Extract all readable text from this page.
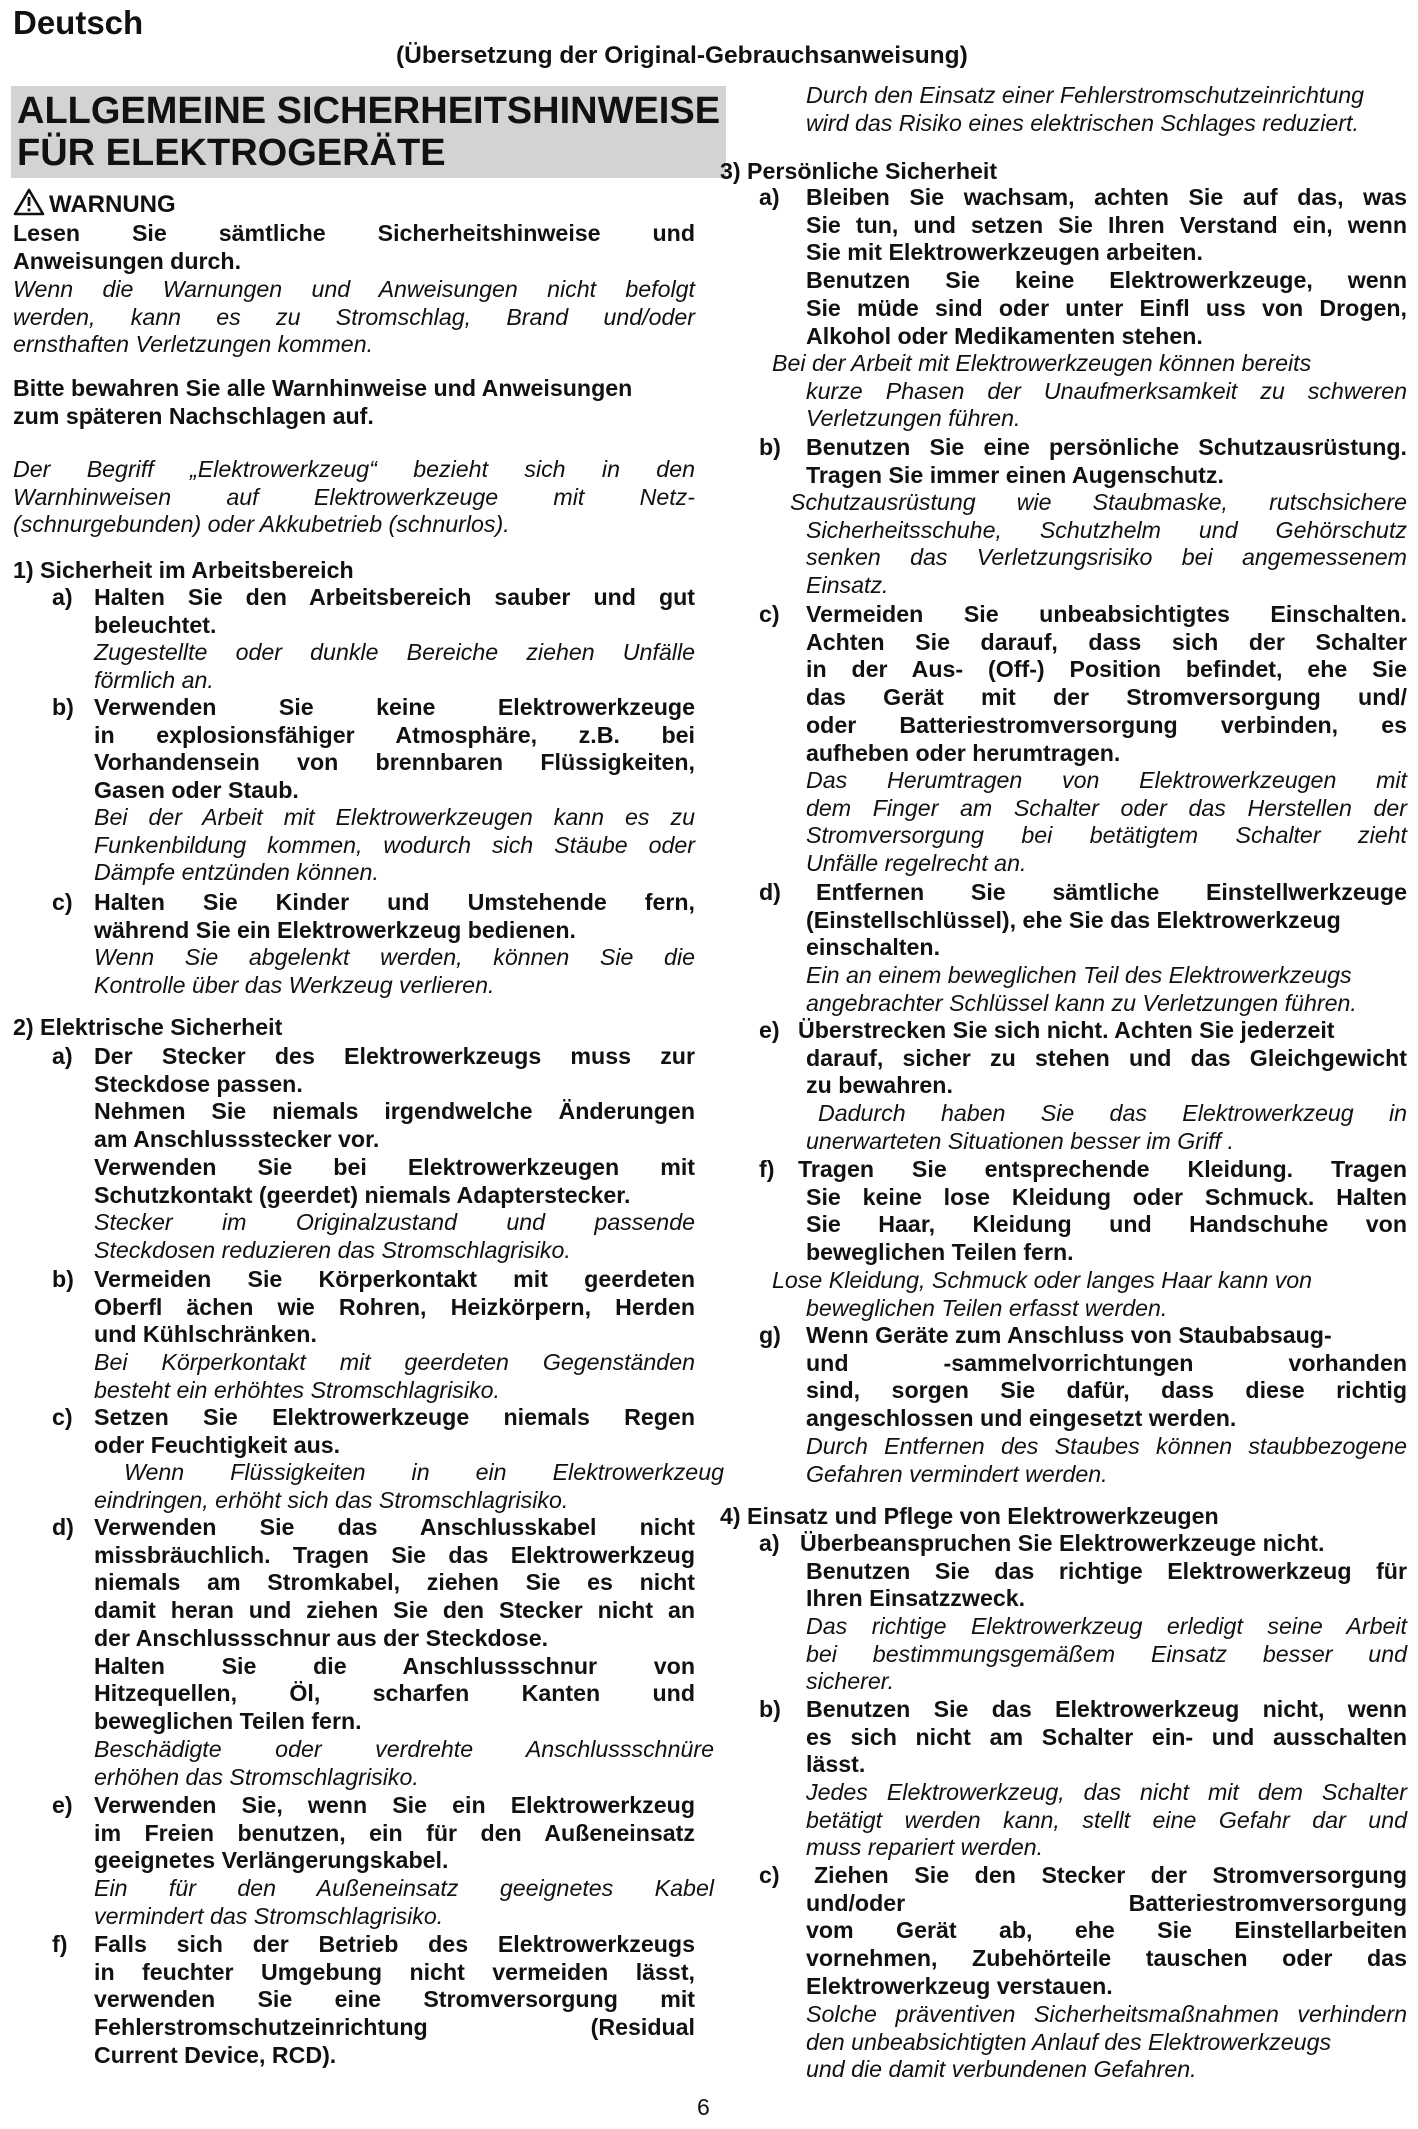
Deutsch
(Übersetzung der Original-Gebrauchsanweisung)
ALLGEMEINE SICHERHEITSHINWEISE
FÜR ELEKTROGERÄTE
WARNUNG
Lesen Sie sämtliche Sicherheitshinweise und
Anweisungen durch.
Wenn die Warnungen und Anweisungen nicht befolgt
werden, kann es zu Stromschlag, Brand und/oder
ernsthaften Verletzungen kommen.
Bitte bewahren Sie alle Warnhinweise und Anweisungen
zum späteren Nachschlagen auf.
Der Begriff „Elektrowerkzeug“ bezieht sich in den
Warnhinweisen auf Elektrowerkzeuge mit Netz-
(schnurgebunden) oder Akkubetrieb (schnurlos).
1) Sicherheit im Arbeitsbereich
a) Halten Sie den Arbeitsbereich sauber und gut
beleuchtet.
Zugestellte oder dunkle Bereiche ziehen Unfälle
förmlich an.
b) Verwenden Sie keine Elektrowerkzeuge
in explosionsfähiger Atmosphäre, z.B. bei
Vorhandensein von brennbaren Flüssigkeiten,
Gasen oder Staub.
Bei der Arbeit mit Elektrowerkzeugen kann es zu
Funkenbildung kommen, wodurch sich Stäube oder
Dämpfe entzünden können.
c) Halten Sie Kinder und Umstehende fern,
während Sie ein Elektrowerkzeug bedienen.
Wenn Sie abgelenkt werden, können Sie die
Kontrolle über das Werkzeug verlieren.
2) Elektrische Sicherheit
a) Der Stecker des Elektrowerkzeugs muss zur
Steckdose passen.
Nehmen Sie niemals irgendwelche Änderungen
am Anschlussstecker vor.
Verwenden Sie bei Elektrowerkzeugen mit
Schutzkontakt (geerdet) niemals Adapterstecker.
Stecker im Originalzustand und passende
Steckdosen reduzieren das Stromschlagrisiko.
b) Vermeiden Sie Körperkontakt mit geerdeten
Oberfl ächen wie Rohren, Heizkörpern, Herden
und Kühlschränken.
Bei Körperkontakt mit geerdeten Gegenständen
besteht ein erhöhtes Stromschlagrisiko.
c) Setzen Sie Elektrowerkzeuge niemals Regen
oder Feuchtigkeit aus.
Wenn Flüssigkeiten in ein Elektrowerkzeug
eindringen, erhöht sich das Stromschlagrisiko.
d) Verwenden Sie das Anschlusskabel nicht
missbräuchlich. Tragen Sie das Elektrowerkzeug
niemals am Stromkabel, ziehen Sie es nicht
damit heran und ziehen Sie den Stecker nicht an
der Anschlussschnur aus der Steckdose.
Halten Sie die Anschlussschnur von
Hitzequellen, Öl, scharfen Kanten und
beweglichen Teilen fern.
Beschädigte oder verdrehte Anschlussschnüre
erhöhen das Stromschlagrisiko.
e) Verwenden Sie, wenn Sie ein Elektrowerkzeug
im Freien benutzen, ein für den Außeneinsatz
geeignetes Verlängerungskabel.
Ein für den Außeneinsatz geeignetes Kabel
vermindert das Stromschlagrisiko.
f) Falls sich der Betrieb des Elektrowerkzeugs
in feuchter Umgebung nicht vermeiden lässt,
verwenden Sie eine Stromversorgung mit
Fehlerstromschutzeinrichtung (Residual
Current Device, RCD).
Durch den Einsatz einer Fehlerstromschutzeinrichtung
wird das Risiko eines elektrischen Schlages reduziert.
3) Persönliche Sicherheit
a) Bleiben Sie wachsam, achten Sie auf das, was
Sie tun, und setzen Sie Ihren Verstand ein, wenn
Sie mit Elektrowerkzeugen arbeiten.
Benutzen Sie keine Elektrowerkzeuge, wenn
Sie müde sind oder unter Einfl uss von Drogen,
Alkohol oder Medikamenten stehen.
Bei der Arbeit mit Elektrowerkzeugen können bereits
kurze Phasen der Unaufmerksamkeit zu schweren
Verletzungen führen.
b) Benutzen Sie eine persönliche Schutzausrüstung.
Tragen Sie immer einen Augenschutz.
Schutzausrüstung wie Staubmaske, rutschsichere
Sicherheitsschuhe, Schutzhelm und Gehörschutz
senken das Verletzungsrisiko bei angemessenem
Einsatz.
c) Vermeiden Sie unbeabsichtigtes Einschalten.
Achten Sie darauf, dass sich der Schalter
in der Aus- (Off-) Position befindet, ehe Sie
das Gerät mit der Stromversorgung und/
oder Batteriestromversorgung verbinden, es
aufheben oder herumtragen.
Das Herumtragen von Elektrowerkzeugen mit
dem Finger am Schalter oder das Herstellen der
Stromversorgung bei betätigtem Schalter zieht
Unfälle regelrecht an.
d)	Entfernen Sie sämtliche Einstellwerkzeuge
(Einstellschlüssel), ehe Sie das Elektrowerkzeug
einschalten.
Ein an einem beweglichen Teil des Elektrowerkzeugs
angebrachter Schlüssel kann zu Verletzungen führen.
e) Überstrecken Sie sich nicht. Achten Sie jederzeit
darauf, sicher zu stehen und das Gleichgewicht
zu bewahren.
Dadurch haben Sie das Elektrowerkzeug in
unerwarteten Situationen besser im Griff .
f) Tragen Sie entsprechende Kleidung. Tragen
Sie keine lose Kleidung oder Schmuck. Halten
Sie Haar, Kleidung und Handschuhe von
beweglichen Teilen fern.
Lose Kleidung, Schmuck oder langes Haar kann von
beweglichen Teilen erfasst werden.
g) Wenn Geräte zum Anschluss von Staubabsaug-
und -sammelvorrichtungen vorhanden
sind, sorgen Sie dafür, dass diese richtig
angeschlossen und eingesetzt werden.
Durch Entfernen des Staubes können staubbezogene
Gefahren vermindert werden.
4) Einsatz und Pflege von Elektrowerkzeugen
a) Überbeanspruchen Sie Elektrowerkzeuge nicht.
Benutzen Sie das richtige Elektrowerkzeug für
Ihren Einsatzzweck.
Das richtige Elektrowerkzeug erledigt seine Arbeit
bei bestimmungsgemäßem Einsatz besser und
sicherer.
b) Benutzen Sie das Elektrowerkzeug nicht, wenn
es sich nicht am Schalter ein- und ausschalten
lässt.
Jedes Elektrowerkzeug, das nicht mit dem Schalter
betätigt werden kann, stellt eine Gefahr dar und
muss repariert werden.
c)	Ziehen Sie den Stecker der Stromversorgung
und/oder Batteriestromversorgung
vom Gerät ab, ehe Sie Einstellarbeiten
vornehmen, Zubehörteile tauschen oder das
Elektrowerkzeug verstauen.
Solche präventiven Sicherheitsmaßnahmen verhindern
den unbeabsichtigten Anlauf des Elektrowerkzeugs
und die damit verbundenen Gefahren.
6
